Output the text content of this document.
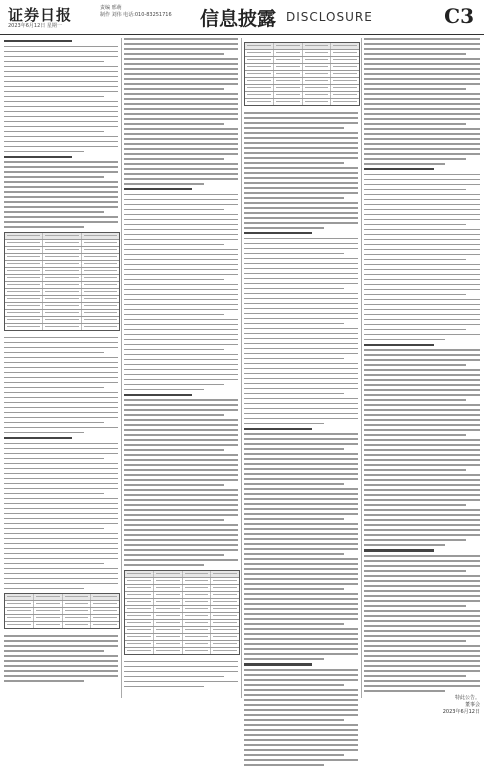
证券日报
2023年6月12日 星期一
责编 邢萌
制作 刘伟 电话:010-83251716 信息披露 DISCLOSURE	C3
特此公告。
董事会
2023年6月12日
